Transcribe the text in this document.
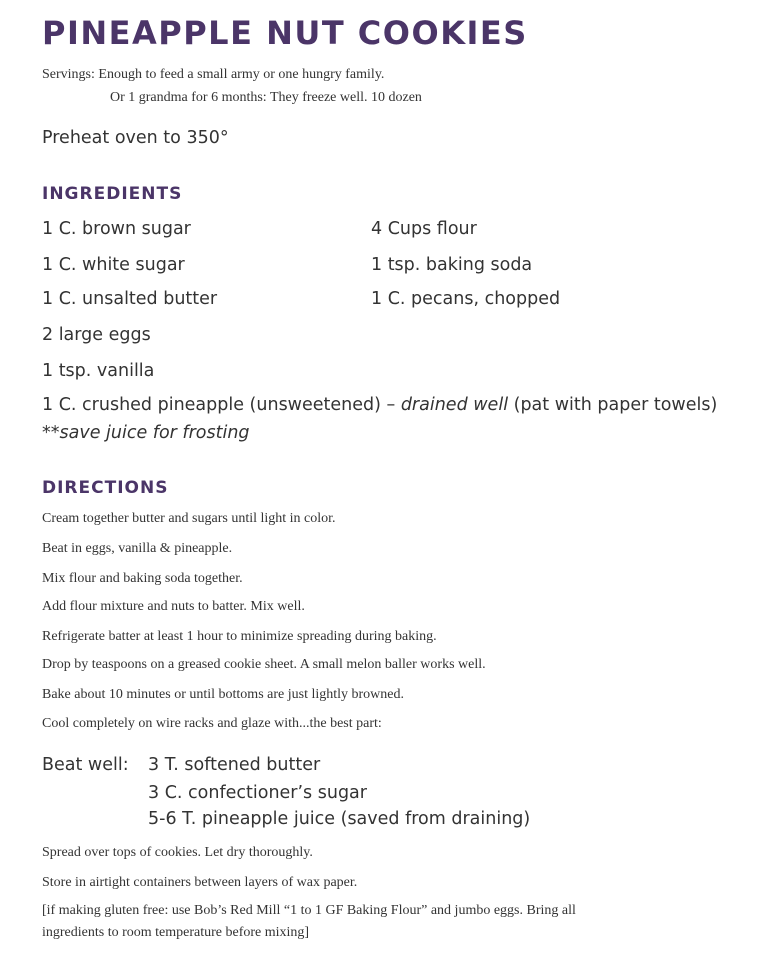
PINEAPPLE NUT COOKIES
Servings: Enough to feed a small army or one hungry family.
Or 1 grandma for 6 months: They freeze well. 10 dozen
Preheat oven to 350°
INGREDIENTS
1 C. brown sugar
1 C. white sugar
1 C. unsalted butter
2 large eggs
1 tsp. vanilla
4 Cups flour
1 tsp. baking soda
1 C. pecans, chopped
1 C. crushed pineapple (unsweetened) – drained well (pat with paper towels)
**save juice for frosting
DIRECTIONS
Cream together butter and sugars until light in color.
Beat in eggs, vanilla & pineapple.
Mix flour and baking soda together.
Add flour mixture and nuts to batter. Mix well.
Refrigerate batter at least 1 hour to minimize spreading during baking.
Drop by teaspoons on a greased cookie sheet. A small melon baller works well.
Bake about 10 minutes or until bottoms are just lightly browned.
Cool completely on wire racks and glaze with...the best part:
Beat well: 3 T. softened butter
3 C. confectioner’s sugar
5-6 T. pineapple juice (saved from draining)
Spread over tops of cookies. Let dry thoroughly.
Store in airtight containers between layers of wax paper.
[if making gluten free: use Bob’s Red Mill “1 to 1 GF Baking Flour” and jumbo eggs. Bring all
ingredients to room temperature before mixing]
